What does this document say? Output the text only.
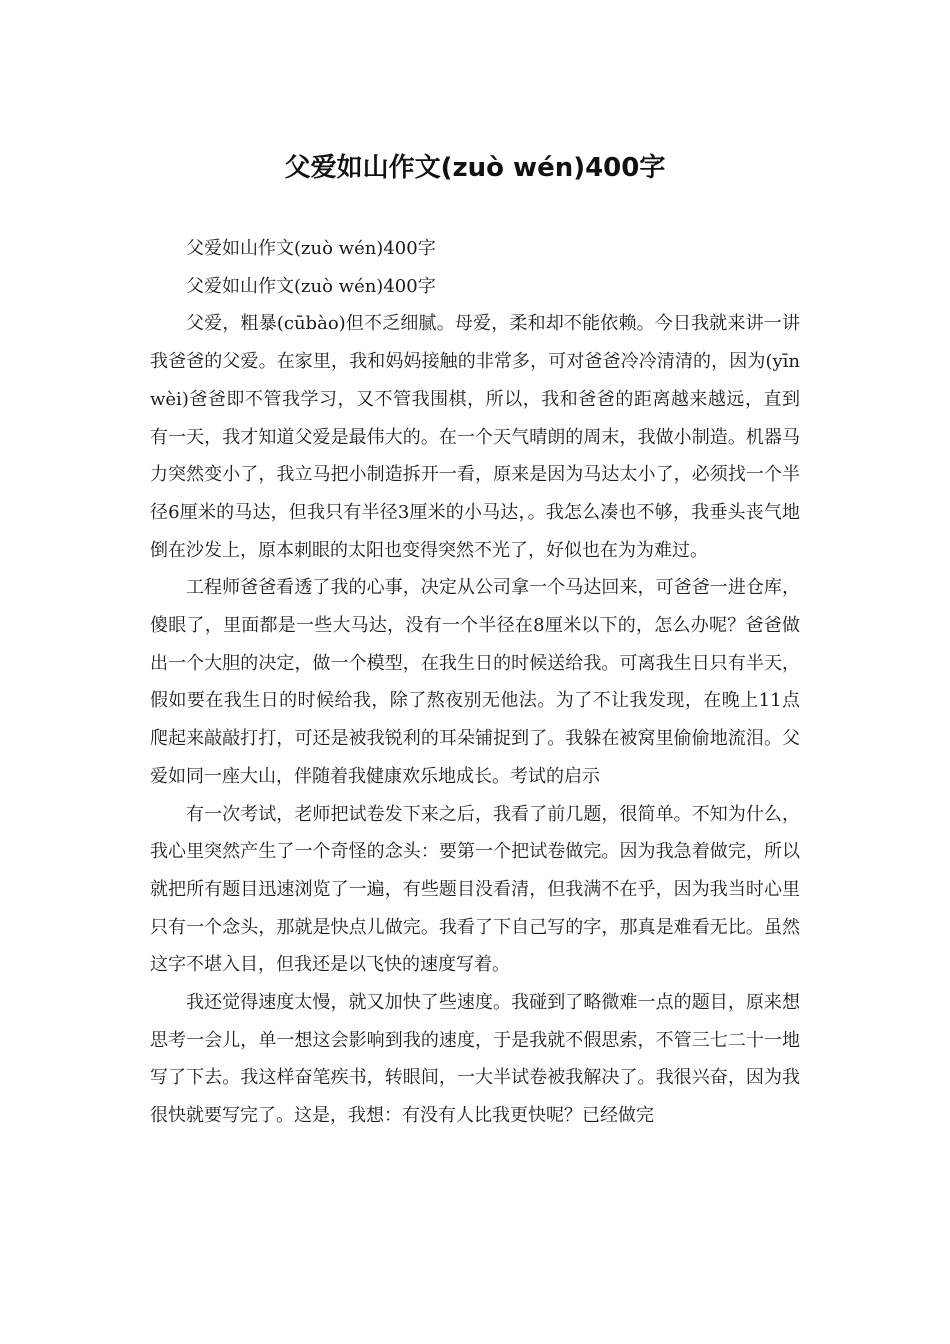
父爱如山作文(zuò wén)400字

父爱如山作文(zuò wén)400字

父爱如山作文(zuò wén)400字

父爱，粗暴(cūbào)但不乏细腻。母爱，柔和却不能依赖。今日我就来讲一讲我爸爸的父爱。在家里，我和妈妈接触的非常多，可对爸爸冷冷清清的，因为(yīn wèi)爸爸即不管我学习，又不管我围棋，所以，我和爸爸的距离越来越远，直到有一天，我才知道父爱是最伟大的。在一个天气晴朗的周末，我做小制造。机器马力突然变小了，我立马把小制造拆开一看，原来是因为马达太小了，必须找一个半径6厘米的马达，但我只有半径3厘米的小马达，。我怎么凑也不够，我垂头丧气地倒在沙发上，原本刺眼的太阳也变得突然不光了，好似也在为为难过。

工程师爸爸看透了我的心事，决定从公司拿一个马达回来，可爸爸一进仓库，傻眼了，里面都是一些大马达，没有一个半径在8厘米以下的，怎么办呢？爸爸做出一个大胆的决定，做一个模型，在我生日的时候送给我。可离我生日只有半天，假如要在我生日的时候给我，除了熬夜别无他法。为了不让我发现，在晚上11点爬起来敲敲打打，可还是被我锐利的耳朵铺捉到了。我躲在被窝里偷偷地流泪。父爱如同一座大山，伴随着我健康欢乐地成长。考试的启示

有一次考试，老师把试卷发下来之后，我看了前几题，很简单。不知为什么，我心里突然产生了一个奇怪的念头：要第一个把试卷做完。因为我急着做完，所以就把所有题目迅速浏览了一遍，有些题目没看清，但我满不在乎，因为我当时心里只有一个念头，那就是快点儿做完。我看了下自己写的字，那真是难看无比。虽然这字不堪入目，但我还是以飞快的速度写着。

我还觉得速度太慢，就又加快了些速度。我碰到了略微难一点的题目，原来想思考一会儿，单一想这会影响到我的速度，于是我就不假思索，不管三七二十一地写了下去。我这样奋笔疾书，转眼间，一大半试卷被我解决了。我很兴奋，因为我很快就要写完了。这是，我想：有没有人比我更快呢？已经做完
